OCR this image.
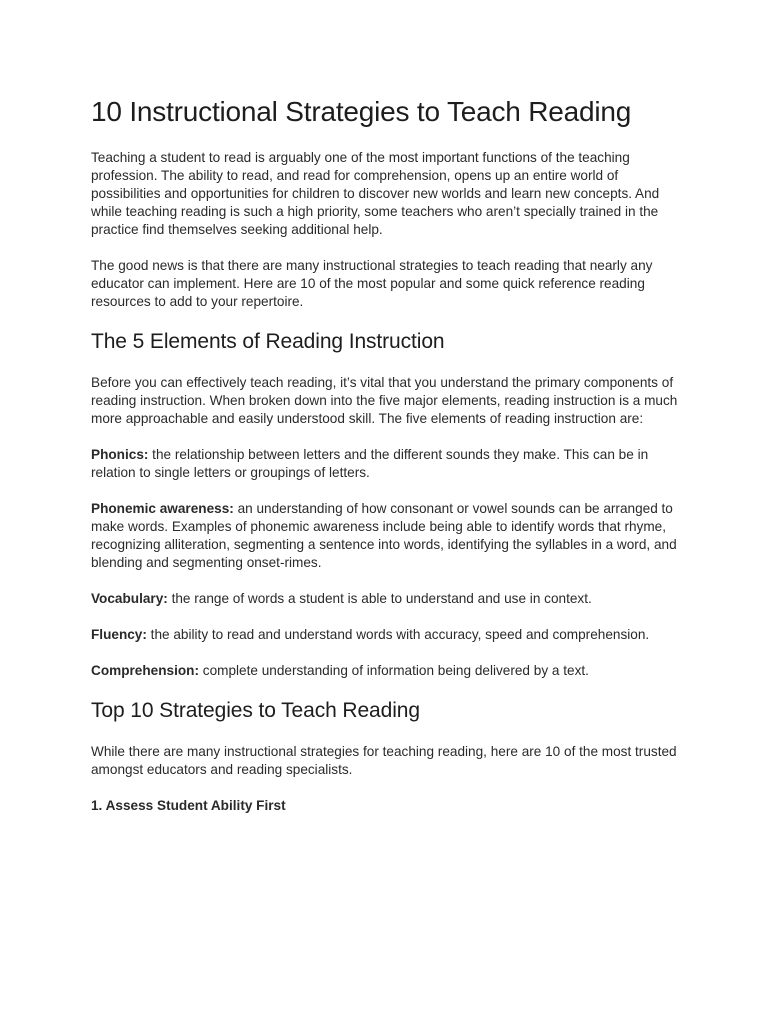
10 Instructional Strategies to Teach Reading

Teaching a student to read is arguably one of the most important functions of the teaching profession. The ability to read, and read for comprehension, opens up an entire world of possibilities and opportunities for children to discover new worlds and learn new concepts. And while teaching reading is such a high priority, some teachers who aren’t specially trained in the practice find themselves seeking additional help.

The good news is that there are many instructional strategies to teach reading that nearly any educator can implement. Here are 10 of the most popular and some quick reference reading resources to add to your repertoire.

The 5 Elements of Reading Instruction

Before you can effectively teach reading, it’s vital that you understand the primary components of reading instruction. When broken down into the five major elements, reading instruction is a much more approachable and easily understood skill. The five elements of reading instruction are:

Phonics: the relationship between letters and the different sounds they make. This can be in relation to single letters or groupings of letters.

Phonemic awareness: an understanding of how consonant or vowel sounds can be arranged to make words. Examples of phonemic awareness include being able to identify words that rhyme, recognizing alliteration, segmenting a sentence into words, identifying the syllables in a word, and blending and segmenting onset-rimes.

Vocabulary: the range of words a student is able to understand and use in context.

Fluency: the ability to read and understand words with accuracy, speed and comprehension.

Comprehension: complete understanding of information being delivered by a text.

Top 10 Strategies to Teach Reading

While there are many instructional strategies for teaching reading, here are 10 of the most trusted amongst educators and reading specialists.

1. Assess Student Ability First
